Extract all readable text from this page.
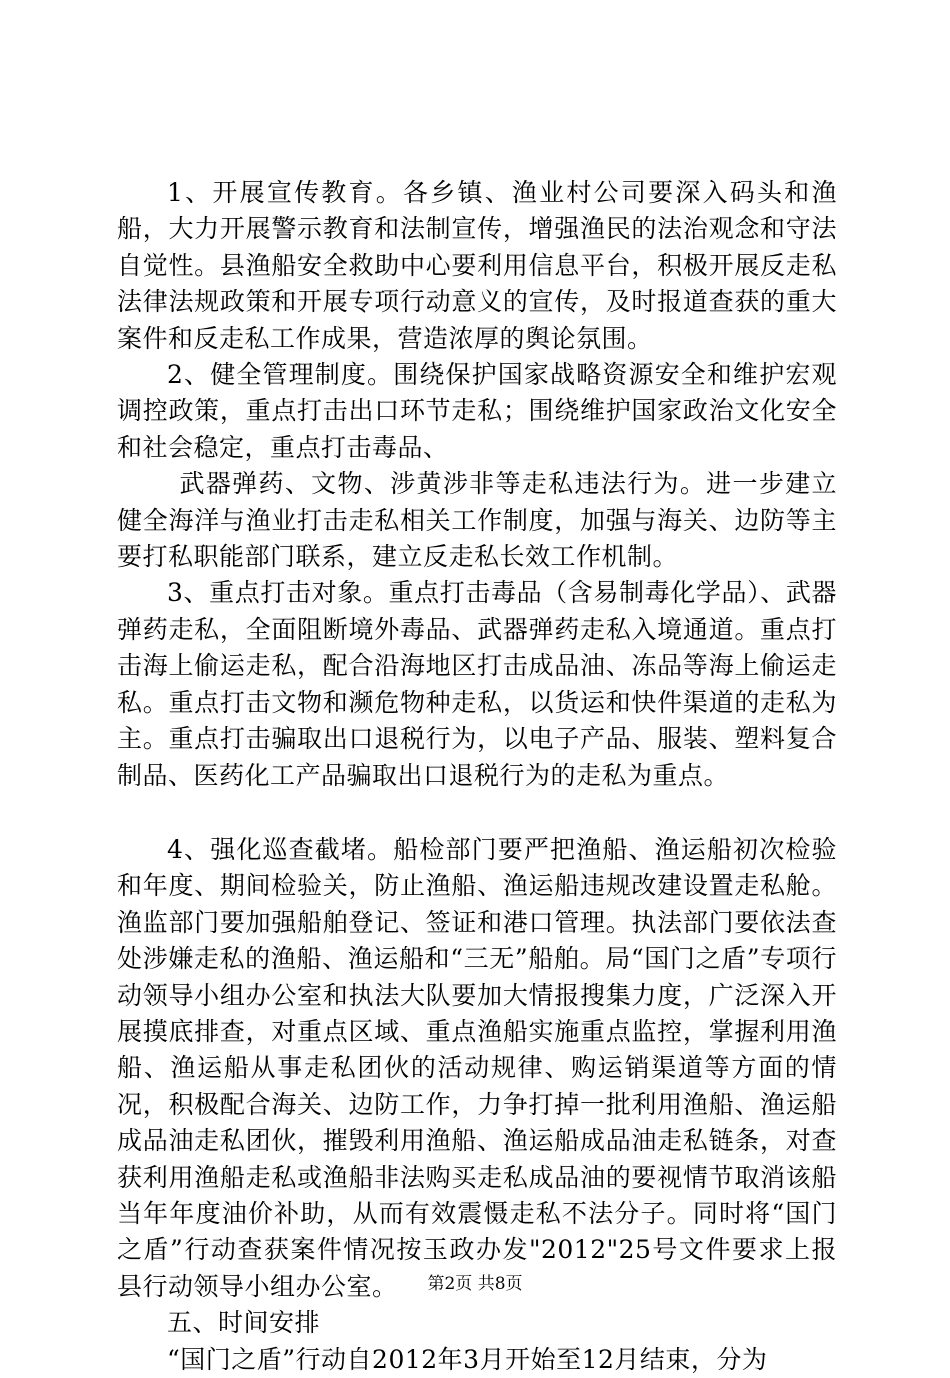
1、开展宣传教育。各乡镇、渔业村公司要深入码头和渔船，大力开展警示教育和法制宣传，增强渔民的法治观念和守法自觉性。县渔船安全救助中心要利用信息平台，积极开展反走私法律法规政策和开展专项行动意义的宣传，及时报道查获的重大案件和反走私工作成果，营造浓厚的舆论氛围。

2、健全管理制度。围绕保护国家战略资源安全和维护宏观调控政策，重点打击出口环节走私；围绕维护国家政治文化安全和社会稳定，重点打击毒品、

武器弹药、文物、涉黄涉非等走私违法行为。进一步建立健全海洋与渔业打击走私相关工作制度，加强与海关、边防等主要打私职能部门联系，建立反走私长效工作机制。

3、重点打击对象。重点打击毒品（含易制毒化学品）、武器弹药走私，全面阻断境外毒品、武器弹药走私入境通道。重点打击海上偷运走私，配合沿海地区打击成品油、冻品等海上偷运走私。重点打击文物和濒危物种走私，以货运和快件渠道的走私为主。重点打击骗取出口退税行为，以电子产品、服装、塑料复合制品、医药化工产品骗取出口退税行为的走私为重点。

4、强化巡查截堵。船检部门要严把渔船、渔运船初次检验和年度、期间检验关，防止渔船、渔运船违规改建设置走私舱。渔监部门要加强船舶登记、签证和港口管理。执法部门要依法查处涉嫌走私的渔船、渔运船和“三无”船舶。局“国门之盾”专项行动领导小组办公室和执法大队要加大情报搜集力度，广泛深入开展摸底排查，对重点区域、重点渔船实施重点监控，掌握利用渔船、渔运船从事走私团伙的活动规律、购运销渠道等方面的情况，积极配合海关、边防工作，力争打掉一批利用渔船、渔运船成品油走私团伙，摧毁利用渔船、渔运船成品油走私链条，对查获利用渔船走私或渔船非法购买走私成品油的要视情节取消该船当年年度油价补助，从而有效震慑走私不法分子。同时将“国门之盾”行动查获案件情况按玉政办发"2012"25号文件要求上报县行动领导小组办公室。

五、时间安排

“国门之盾”行动自2012年3月开始至12月结束，分为

第2页 共8页
